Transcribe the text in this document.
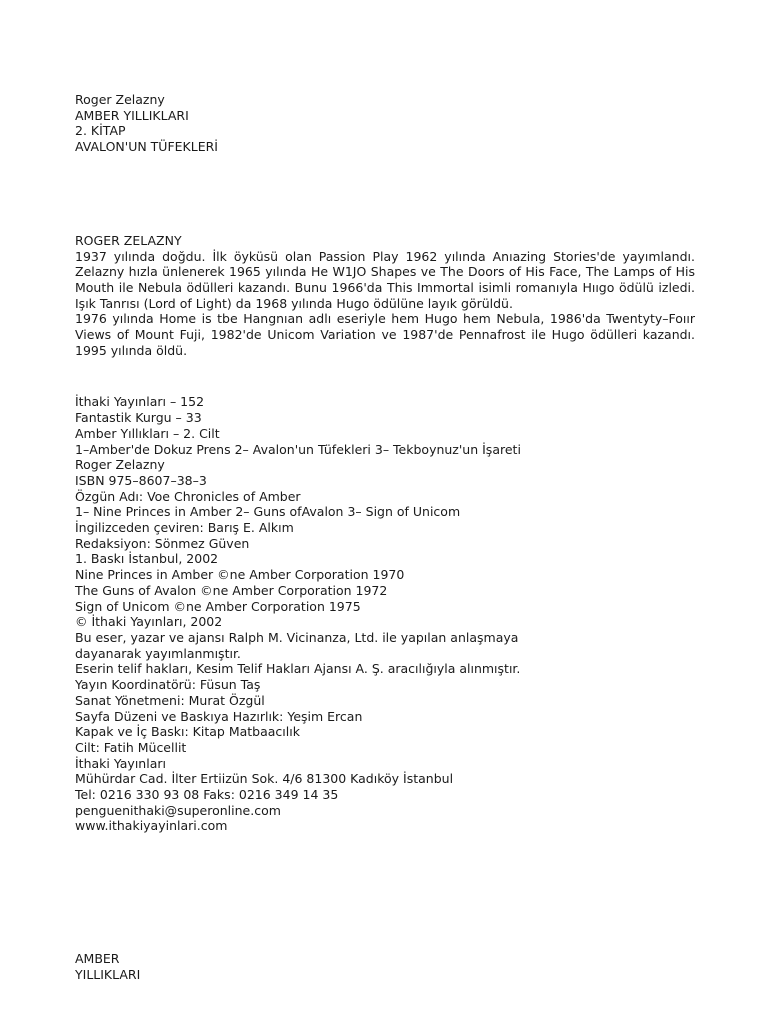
Roger Zelazny
AMBER YILLIKLARI
2. KİTAP
AVALON'UN TÜFEKLERİ
ROGER ZELAZNY
1937 yılında doğdu. İlk öyküsü olan Passion Play 1962 yılında Anıazing Stories'de yayımlandı. Zelazny hızla ünlenerek 1965 yılında He W1JO Shapes ve The Doors of His Face, The Lamps of His Mouth ile Nebula ödülleri kazandı. Bunu 1966'da This Immortal isimli romanıyla Hııgo ödülü izledi. Işık Tanrısı (Lord of Light) da 1968 yılında Hugo ödülüne layık görüldü.
1976 yılında Home is tbe Hangnıan adlı eseriyle hem Hugo hem Nebula, 1986'da Twentyty–Foıır Views of Mount Fuji, 1982'de Unicom Variation ve 1987'de Pennafrost ile Hugo ödülleri kazandı. 1995 yılında öldü.
İthaki Yayınları – 152
Fantastik Kurgu – 33
Amber Yıllıkları – 2. Cilt
1–Amber'de Dokuz Prens 2– Avalon'un Tüfekleri 3– Tekboynuz'un İşareti
Roger Zelazny
ISBN 975–8607–38–3
Özgün Adı: Voe Chronicles of Amber
1– Nine Princes in Amber 2– Guns ofAvalon 3– Sign of Unicom
İngilizceden çeviren: Barış E. Alkım
Redaksiyon: Sönmez Güven
1. Baskı İstanbul, 2002
Nine Princes in Amber ©ne Amber Corporation 1970
The Guns of Avalon ©ne Amber Corporation 1972
Sign of Unicom ©ne Amber Corporation 1975
© İthaki Yayınları, 2002
Bu eser, yazar ve ajansı Ralph M. Vicinanza, Ltd. ile yapılan anlaşmaya
dayanarak yayımlanmıştır.
Eserin telif hakları, Kesim Telif Hakları Ajansı A. Ş. aracılığıyla alınmıştır.
Yayın Koordinatörü: Füsun Taş
Sanat Yönetmeni: Murat Özgül
Sayfa Düzeni ve Baskıya Hazırlık: Yeşim Ercan
Kapak ve İç Baskı: Kitap Matbaacılık
Cilt: Fatih Mücellit
İthaki Yayınları
Mühürdar Cad. İlter Ertiizün Sok. 4/6 81300 Kadıköy İstanbul
Tel: 0216 330 93 08 Faks: 0216 349 14 35
penguenithaki@superonline.com
www.ithakiyayinlari.com
AMBER
YILLIKLARI
